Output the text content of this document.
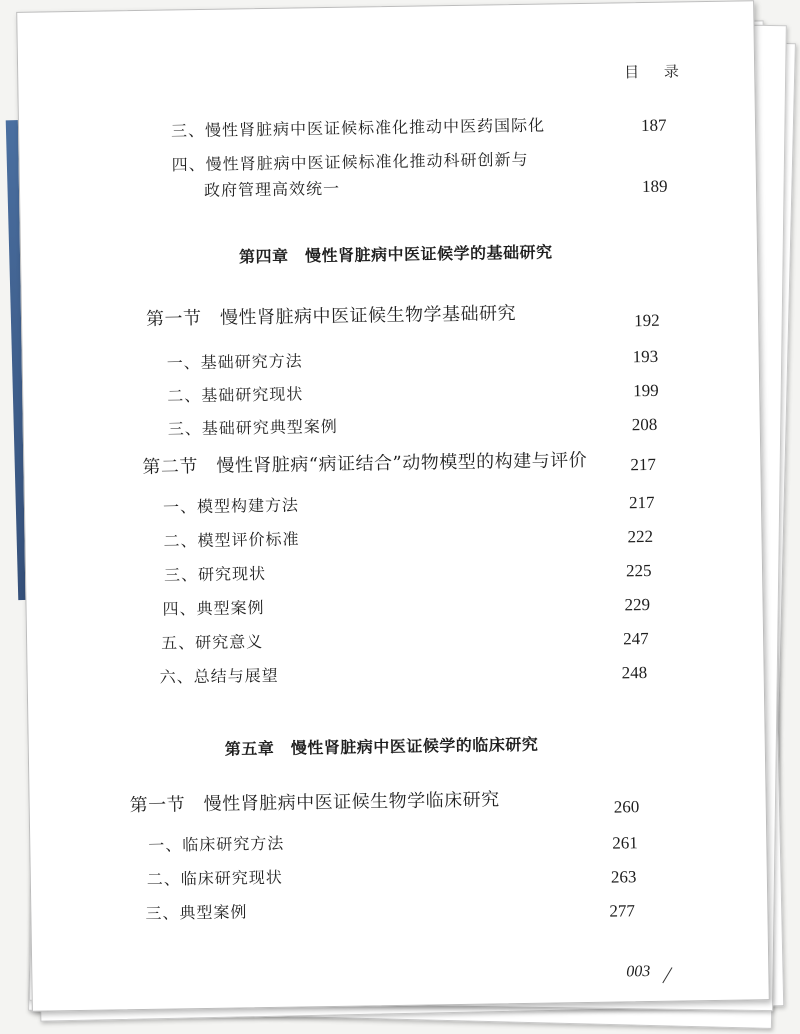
目 录
三、慢性肾脏病中医证候标准化推动中医药国际化	187
四、慢性肾脏病中医证候标准化推动科研创新与
政府管理高效统一	189
第四章　慢性肾脏病中医证候学的基础研究
第一节　慢性肾脏病中医证候生物学基础研究	192
一、基础研究方法	193
二、基础研究现状	199
三、基础研究典型案例	208
第二节　慢性肾脏病“病证结合”动物模型的构建与评价	217
一、模型构建方法	217
二、模型评价标准	222
三、研究现状	225
四、典型案例	229
五、研究意义	247
六、总结与展望	248
第五章　慢性肾脏病中医证候学的临床研究
第一节　慢性肾脏病中医证候生物学临床研究	260
一、临床研究方法	261
二、临床研究现状	263
三、典型案例	277
003
